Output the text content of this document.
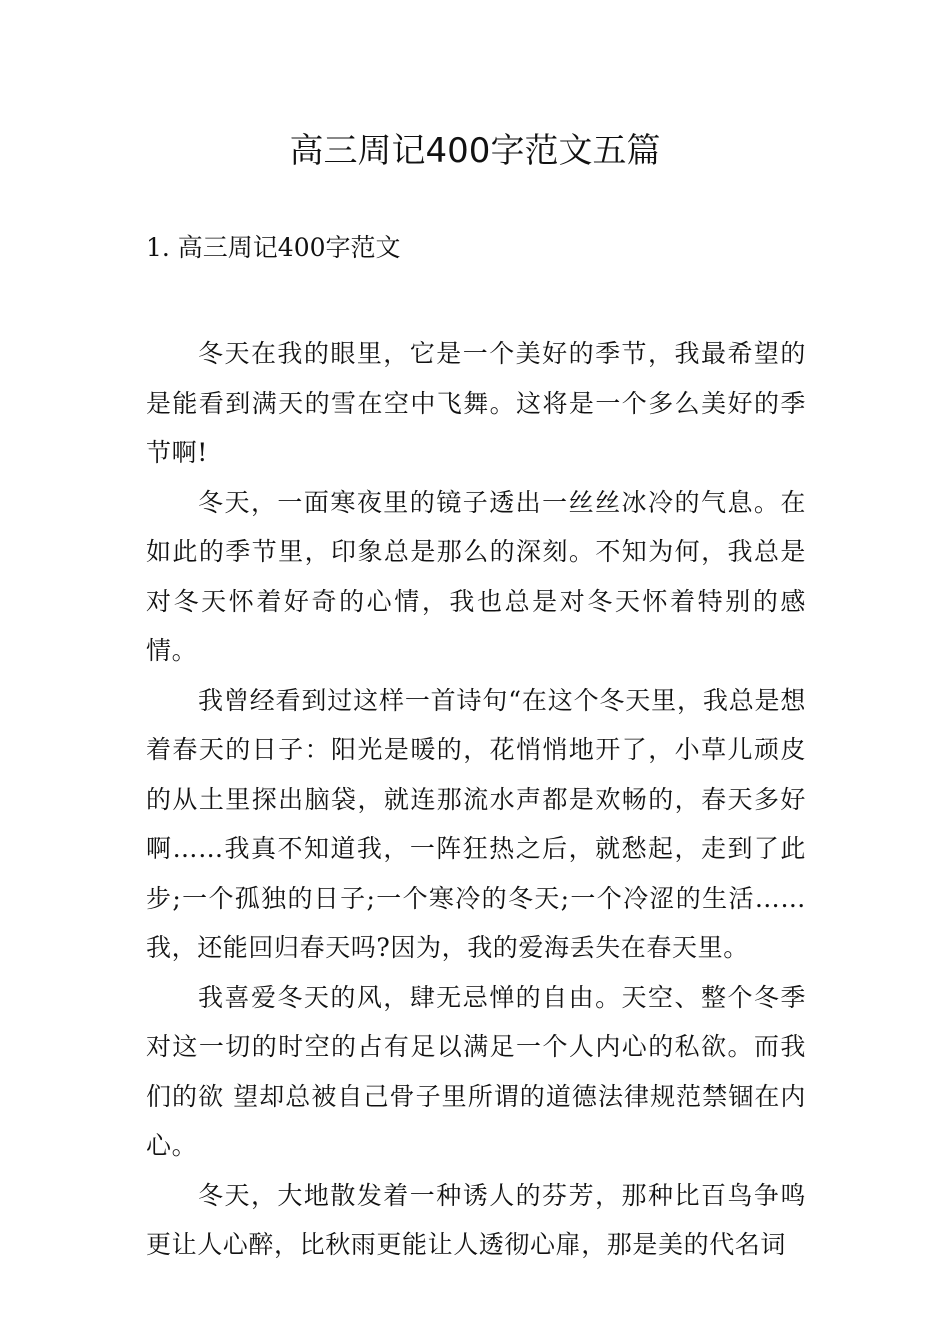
高三周记400字范文五篇
1. 高三周记400字范文

冬天在我的眼里，它是一个美好的季节，我最希望的是能看到满天的雪在空中飞舞。这将是一个多么美好的季节啊!

冬天，一面寒夜里的镜子透出一丝丝冰冷的气息。在如此的季节里，印象总是那么的深刻。不知为何，我总是对冬天怀着好奇的心情，我也总是对冬天怀着特别的感情。

我曾经看到过这样一首诗句“在这个冬天里，我总是想着春天的日子：阳光是暖的，花悄悄地开了，小草儿顽皮的从土里探出脑袋，就连那流水声都是欢畅的，春天多好啊……我真不知道我，一阵狂热之后，就愁起，走到了此步;一个孤独的日子;一个寒冷的冬天;一个冷涩的生活……我，还能回归春天吗?因为，我的爱海丢失在春天里。

我喜爱冬天的风，肆无忌惮的自由。天空、整个冬季对这一切的时空的占有足以满足一个人内心的私欲。而我们的欲 望却总被自己骨子里所谓的道德法律规范禁锢在内心。

冬天，大地散发着一种诱人的芬芳，那种比百鸟争鸣更让人心醉，比秋雨更能让人透彻心扉，那是美的代名词
